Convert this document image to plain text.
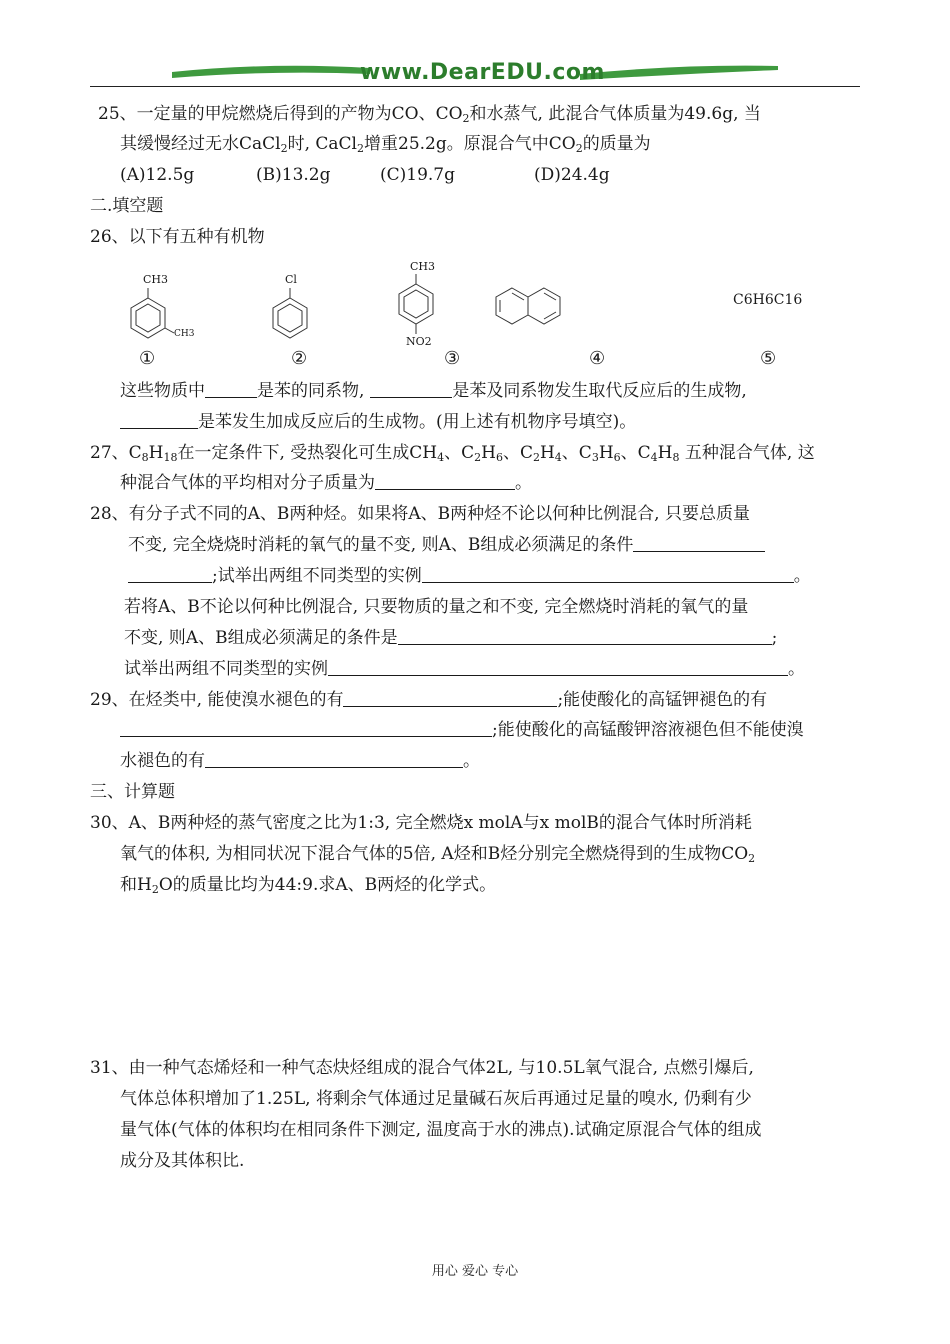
www.DearEDU.com
25、一定量的甲烷燃烧后得到的产物为CO、$CO_2$和水蒸气, 此混合气体质量为49.6g, 当
其缓慢经过无水CaCl$_2$时, CaCl$_2$增重25.2g。原混合气中$CO_2$的质量为
(A)12.5g	(B)13.2g	(C)19.7g	(D)24.4g
二.填空题
26、以下有五种有机物
CH3
CH3
Cl
CH3
NO2
C6H6C16
①	②	③	④	⑤
这些物质中	是苯的同系物,	是苯及同系物发生取代反应后的生成物,
是苯发生加成反应后的生成物。(用上述有机物序号填空)。
27、$C_8H_{18}$在一定条件下, 受热裂化可生成$CH_4$、$C_2H_6$、$C_2H_4$、$C_3H_6$、$C_4H_8$ 五种混合气体, 这
种混合气体的平均相对分子质量为	。
28、有分子式不同的A、B两种烃。如果将A、B两种烃不论以何种比例混合, 只要总质量
不变, 完全烧烧时消耗的氧气的量不变, 则A、B组成必须满足的条件
;试举出两组不同类型的实例	。
若将A、B不论以何种比例混合, 只要物质的量之和不变, 完全燃烧时消耗的氧气的量
不变, 则A、B组成必须满足的条件是	;
试举出两组不同类型的实例	。
29、在烃类中, 能使溴水褪色的有	;能使酸化的高锰钾褪色的有
;能使酸化的高锰酸钾溶液褪色但不能使溴
水褪色的有	。
三、计算题
30、A、B两种烃的蒸气密度之比为1:3, 完全燃烧x molA与x molB的混合气体时所消耗
氧气的体积, 为相同状况下混合气体的5倍, A烃和B烃分别完全燃烧得到的生成物$CO_2$
和$H_2O$的质量比均为44:9.求A、B两烃的化学式。
31、由一种气态烯烃和一种气态炔烃组成的混合气体2L, 与10.5L氧气混合, 点燃引爆后,
气体总体积增加了1.25L, 将剩余气体通过足量碱石灰后再通过足量的嗅水, 仍剩有少
量气体(气体的体积均在相同条件下测定, 温度高于水的沸点).试确定原混合气体的组成
成分及其体积比.
用心 爱心 专心
